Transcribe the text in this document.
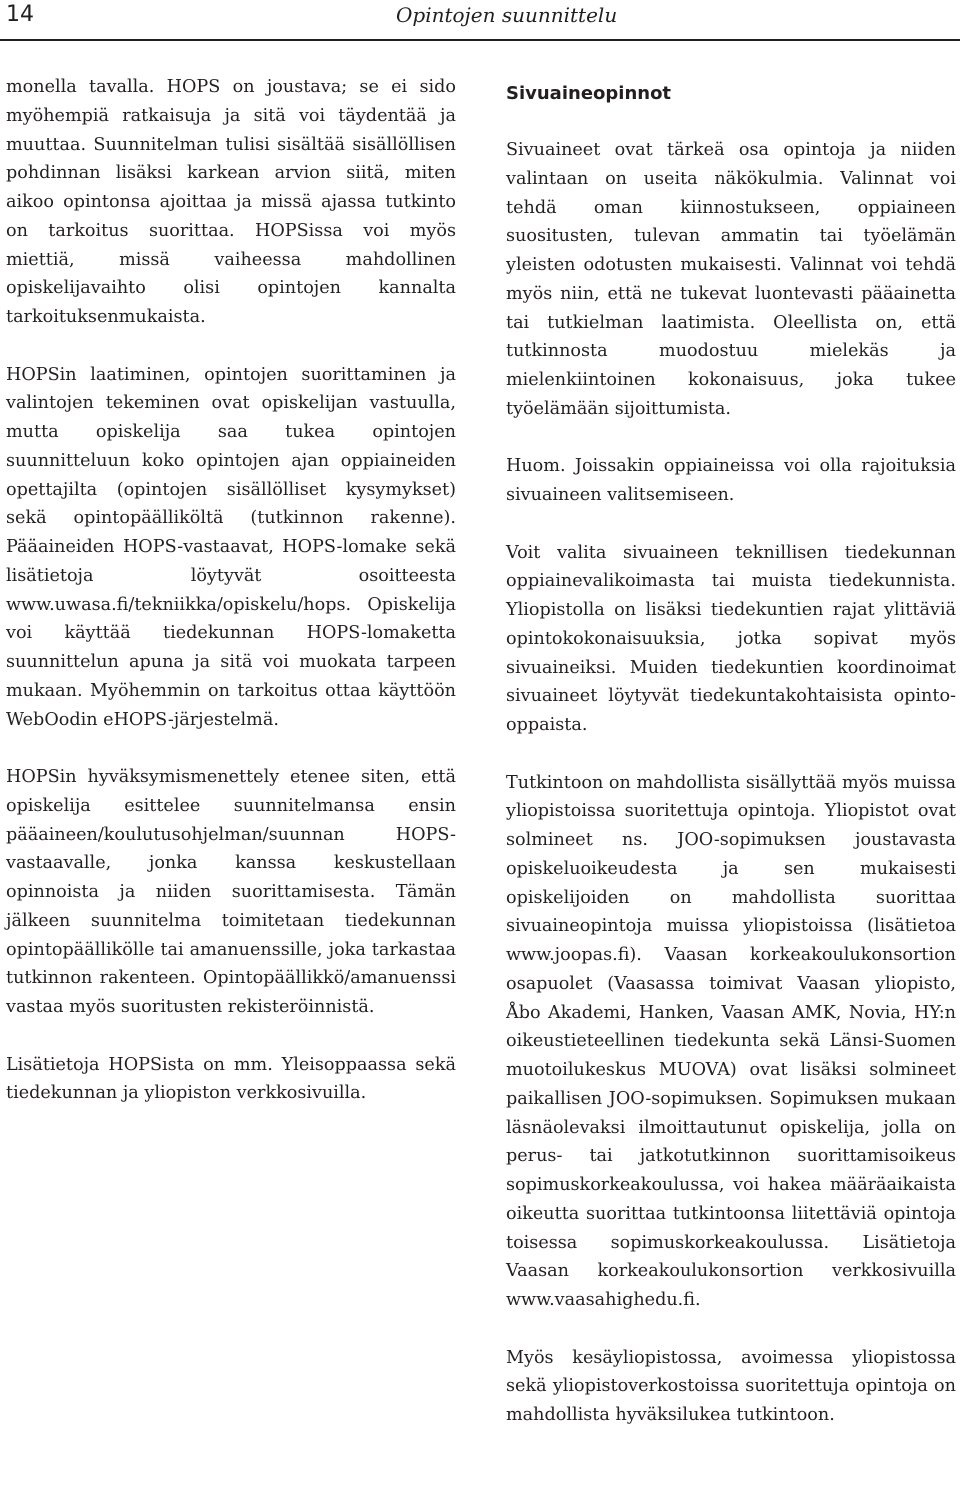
14	Opintojen suunnittelu

monella tavalla. HOPS on joustava; se ei sido myöhempiä ratkaisuja ja sitä voi täydentää ja muuttaa. Suunnitelman tulisi sisältää sisällöllisen pohdinnan lisäksi karkean arvion siitä, miten aikoo opintonsa ajoittaa ja missä ajassa tutkinto on tarkoitus suorittaa. HOPSissa voi myös miettiä, missä vaiheessa mahdollinen opiskelijavaihto olisi opintojen kannalta tarkoituksenmukaista.

HOPSin laatiminen, opintojen suorittaminen ja valintojen tekeminen ovat opiskelijan vastuulla, mutta opiskelija saa tukea opintojen suunnitteluun koko opintojen ajan oppiaineiden opettajilta (opintojen sisällölliset kysymykset) sekä opintopäälliköltä (tutkinnon rakenne). Pääaineiden HOPS-vastaavat, HOPS-lomake sekä lisätietoja löytyvät osoitteesta www.uwasa.fi/tekniikka/opiskelu/hops. Opiskelija voi käyttää tiedekunnan HOPS-lomaketta suunnittelun apuna ja sitä voi muokata tarpeen mukaan. Myöhemmin on tarkoitus ottaa käyttöön WebOodin eHOPS-järjestelmä.

HOPSin hyväksymismenettely etenee siten, että opiskelija esittelee suunnitelmansa ensin pääaineen/koulutusohjelman/suunnan HOPS-vastaavalle, jonka kanssa keskustellaan opinnoista ja niiden suorittamisesta. Tämän jälkeen suunnitelma toimitetaan tiedekunnan opintopäällikölle tai amanuenssille, joka tarkastaa tutkinnon rakenteen. Opintopäällikkö/amanuenssi vastaa myös suoritusten rekisteröinnistä.

Lisätietoja HOPSista on mm. Yleisoppaassa sekä tiedekunnan ja yliopiston verkkosivuilla.

Sivuaineopinnot

Sivuaineet ovat tärkeä osa opintoja ja niiden valintaan on useita näkökulmia. Valinnat voi tehdä oman kiinnostukseen, oppiaineen suositusten, tulevan ammatin tai työelämän yleisten odotusten mukaisesti. Valinnat voi tehdä myös niin, että ne tukevat luontevasti pääainetta tai tutkielman laatimista. Oleellista on, että tutkinnosta muodostuu mielekäs ja mielenkiintoinen kokonaisuus, joka tukee työelämään sijoittumista.

Huom. Joissakin oppiaineissa voi olla rajoituksia sivuaineen valitsemiseen.

Voit valita sivuaineen teknillisen tiedekunnan oppiainevalikoimasta tai muista tiedekunnista. Yliopistolla on lisäksi tiedekuntien rajat ylittäviä opintokokonaisuuksia, jotka sopivat myös sivuaineiksi. Muiden tiedekuntien koordinoimat sivuaineet löytyvät tiedekuntakohtaisista opinto-oppaista.

Tutkintoon on mahdollista sisällyttää myös muissa yliopistoissa suoritettuja opintoja. Yliopistot ovat solmineet ns. JOO-sopimuksen joustavasta opiskeluoikeudesta ja sen mukaisesti opiskelijoiden on mahdollista suorittaa sivuaineopintoja muissa yliopistoissa (lisätietoa www.joopas.fi). Vaasan korkeakoulukonsortion osapuolet (Vaasassa toimivat Vaasan yliopisto, Åbo Akademi, Hanken, Vaasan AMK, Novia, HY:n oikeustieteellinen tiedekunta sekä Länsi-Suomen muotoilukeskus MUOVA) ovat lisäksi solmineet paikallisen JOO-sopimuksen. Sopimuksen mukaan läsnäolevaksi ilmoittautunut opiskelija, jolla on perus- tai jatkotutkinnon suorittamisoikeus sopimuskorkeakoulussa, voi hakea määräaikaista oikeutta suorittaa tutkintoonsa liitettäviä opintoja toisessa sopimuskorkeakoulussa. Lisätietoja Vaasan korkeakoulukonsortion verkkosivuilla www.vaasahighedu.fi.

Myös kesäyliopistossa, avoimessa yliopistossa sekä yliopistoverkostoissa suoritettuja opintoja on mahdollista hyväksilukea tutkintoon.
